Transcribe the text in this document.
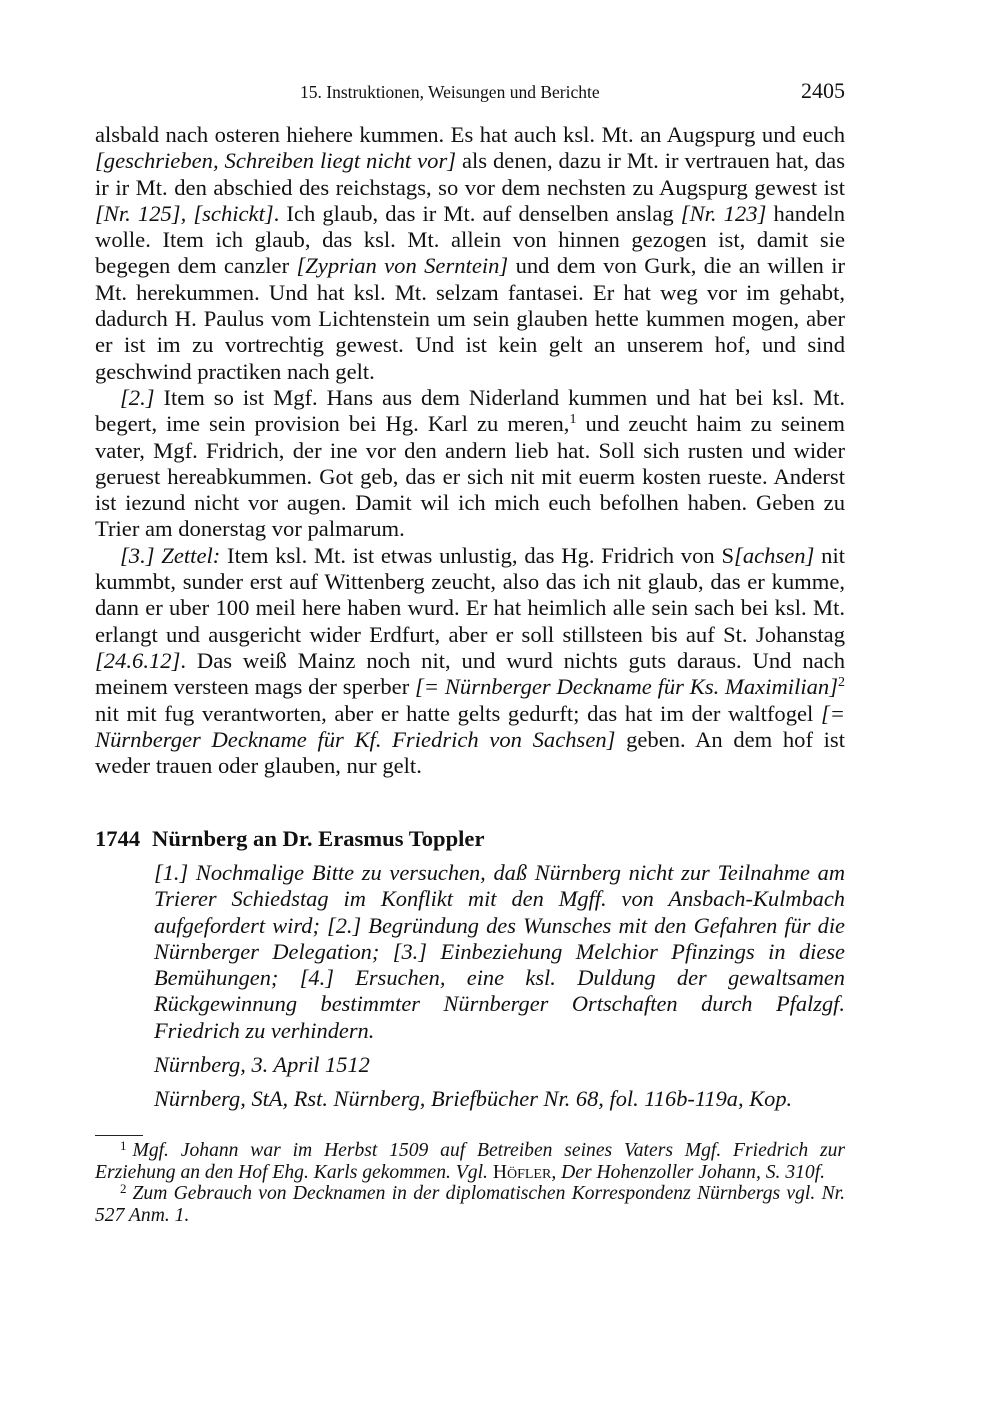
15. Instruktionen, Weisungen und Berichte	2405

alsbald nach osteren hiehere kummen. Es hat auch ksl. Mt. an Augspurg und euch [geschrieben, Schreiben liegt nicht vor] als denen, dazu ir Mt. ir vertrauen hat, das ir ir Mt. den abschied des reichstags, so vor dem nechsten zu Augspurg gewest ist [Nr. 125], [schickt]. Ich glaub, das ir Mt. auf denselben anslag [Nr. 123] handeln wolle. Item ich glaub, das ksl. Mt. allein von hinnen gezogen ist, damit sie begegen dem canzler [Zyprian von Serntein] und dem von Gurk, die an willen ir Mt. herekummen. Und hat ksl. Mt. selzam fantasei. Er hat weg vor im gehabt, dadurch H. Paulus vom Lichtenstein um sein glauben hette kummen mogen, aber er ist im zu vortrechtig gewest. Und ist kein gelt an unserem hof, und sind geschwind practiken nach gelt.

[2.] Item so ist Mgf. Hans aus dem Niderland kummen und hat bei ksl. Mt. begert, ime sein provision bei Hg. Karl zu meren,$^1$ und zeucht haim zu seinem vater, Mgf. Fridrich, der ine vor den andern lieb hat. Soll sich rusten und wider geruest hereabkummen. Got geb, das er sich nit mit euerm kosten rueste. Anderst ist iezund nicht vor augen. Damit wil ich mich euch befolhen haben. Geben zu Trier am donerstag vor palmarum.

[3.] Zettel: Item ksl. Mt. ist etwas unlustig, das Hg. Fridrich von S[achsen] nit kummbt, sunder erst auf Wittenberg zeucht, also das ich nit glaub, das er kumme, dann er uber 100 meil here haben wurd. Er hat heimlich alle sein sach bei ksl. Mt. erlangt und ausgericht wider Erdfurt, aber er soll stillsteen bis auf St. Johanstag [24.6.12]. Das weiß Mainz noch nit, und wurd nichts guts daraus. Und nach meinem versteen mags der sperber [= Nürnberger Deckname für Ks. Maximilian]$^2$ nit mit fug verantworten, aber er hatte gelts gedurft; das hat im der waltfogel [= Nürnberger Deckname für Kf. Friedrich von Sachsen] geben. An dem hof ist weder trauen oder glauben, nur gelt.

1744 Nürnberg an Dr. Erasmus Toppler

[1.] Nochmalige Bitte zu versuchen, daß Nürnberg nicht zur Teilnahme am Trierer Schiedstag im Konflikt mit den Mgff. von Ansbach-Kulmbach aufgefordert wird; [2.] Begründung des Wunsches mit den Gefahren für die Nürnberger Delegation; [3.] Einbeziehung Melchior Pfinzings in diese Bemühungen; [4.] Ersuchen, eine ksl. Duldung der gewaltsamen Rückgewinnung bestimmter Nürnberger Ortschaften durch Pfalzgf. Friedrich zu verhindern.

Nürnberg, 3. April 1512

Nürnberg, StA, Rst. Nürnberg, Briefbücher Nr. 68, fol. 116b-119a, Kop.

$^1$ Mgf. Johann war im Herbst 1509 auf Betreiben seines Vaters Mgf. Friedrich zur Erziehung an den Hof Ehg. Karls gekommen. Vgl. Höfler, Der Hohenzoller Johann, S. 310f.

$^2$ Zum Gebrauch von Decknamen in der diplomatischen Korrespondenz Nürnbergs vgl. Nr. 527 Anm. 1.
